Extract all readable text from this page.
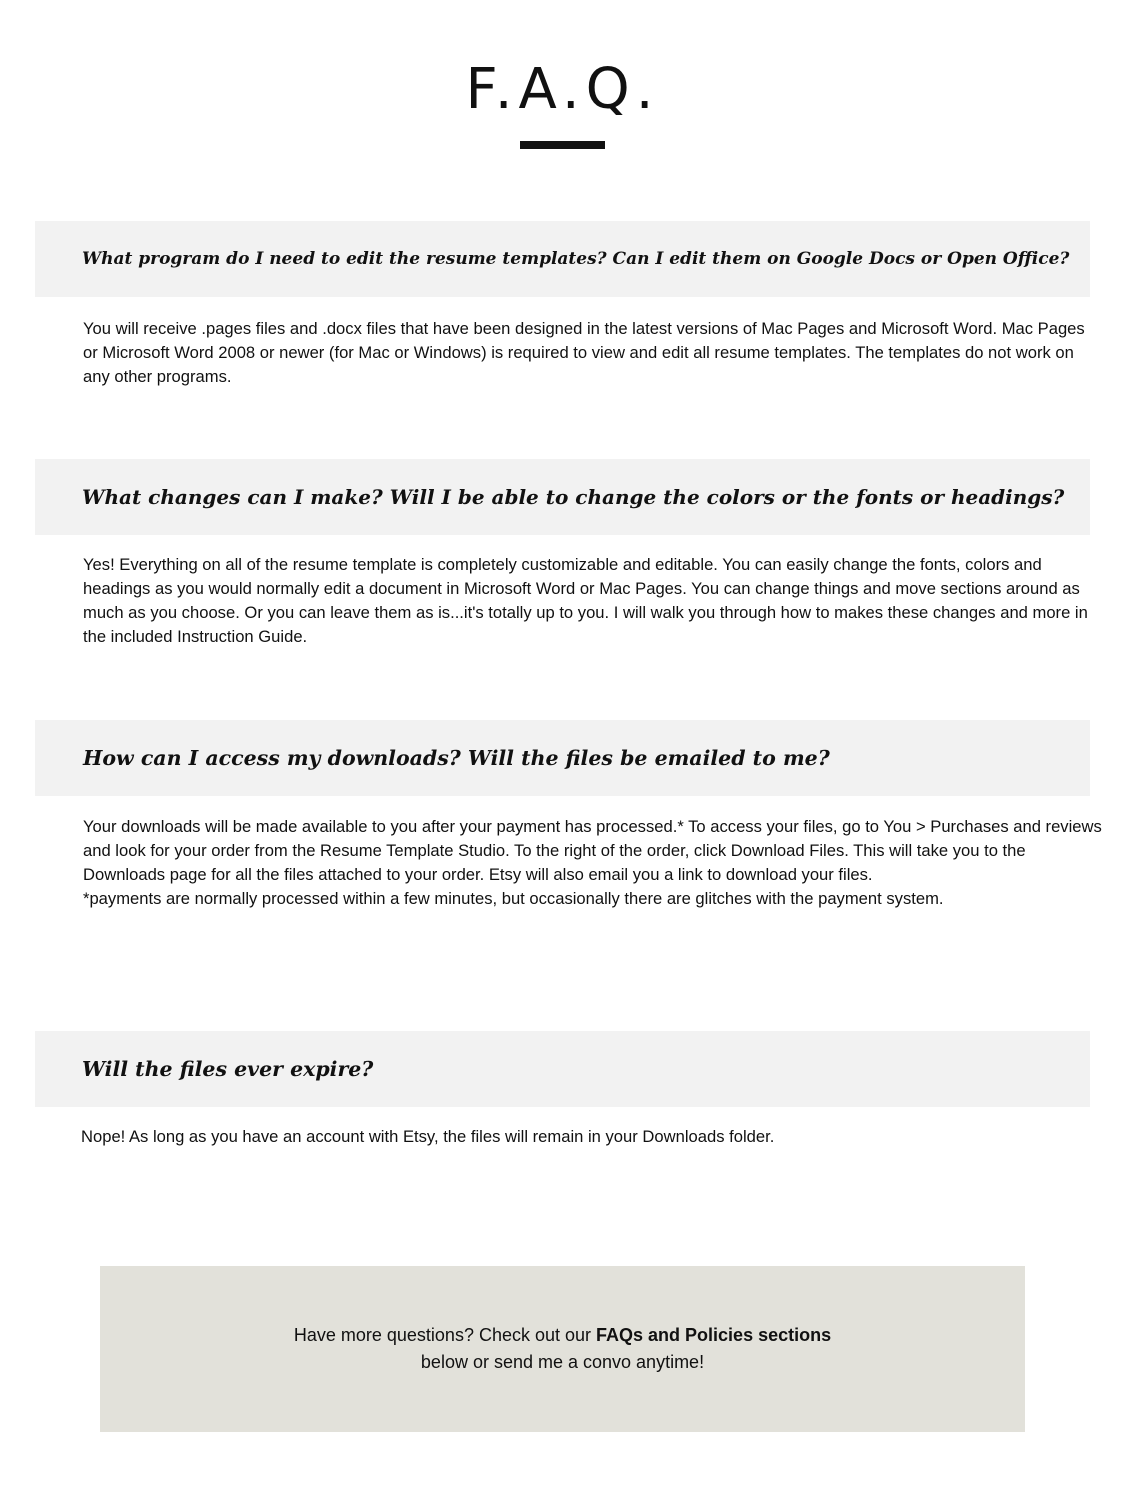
F.A.Q.
What program do I need to edit the resume templates? Can I edit them on Google Docs or Open Office?

You will receive .pages files and .docx files that have been designed in the latest versions of Mac Pages and Microsoft Word. Mac Pages or Microsoft Word 2008 or newer (for Mac or Windows) is required to view and edit all resume templates. The templates do not work on any other programs.

What changes can I make? Will I be able to change the colors or the fonts or headings?

Yes! Everything on all of the resume template is completely customizable and editable. You can easily change the fonts, colors and headings as you would normally edit a document in Microsoft Word or Mac Pages. You can change things and move sections around as much as you choose. Or you can leave them as is...it's totally up to you. I will walk you through how to makes these changes and more in the included Instruction Guide.

How can I access my downloads? Will the files be emailed to me?

Your downloads will be made available to you after your payment has processed.* To access your files, go to You > Purchases and reviews and look for your order from the Resume Template Studio. To the right of the order, click Download Files. This will take you to the Downloads page for all the files attached to your order. Etsy will also email you a link to download your files.

*payments are normally processed within a few minutes, but occasionally there are glitches with the payment system.

Will the files ever expire?

Nope! As long as you have an account with Etsy, the files will remain in your Downloads folder.

Have more questions? Check out our FAQs and Policies sections below or send me a convo anytime!
